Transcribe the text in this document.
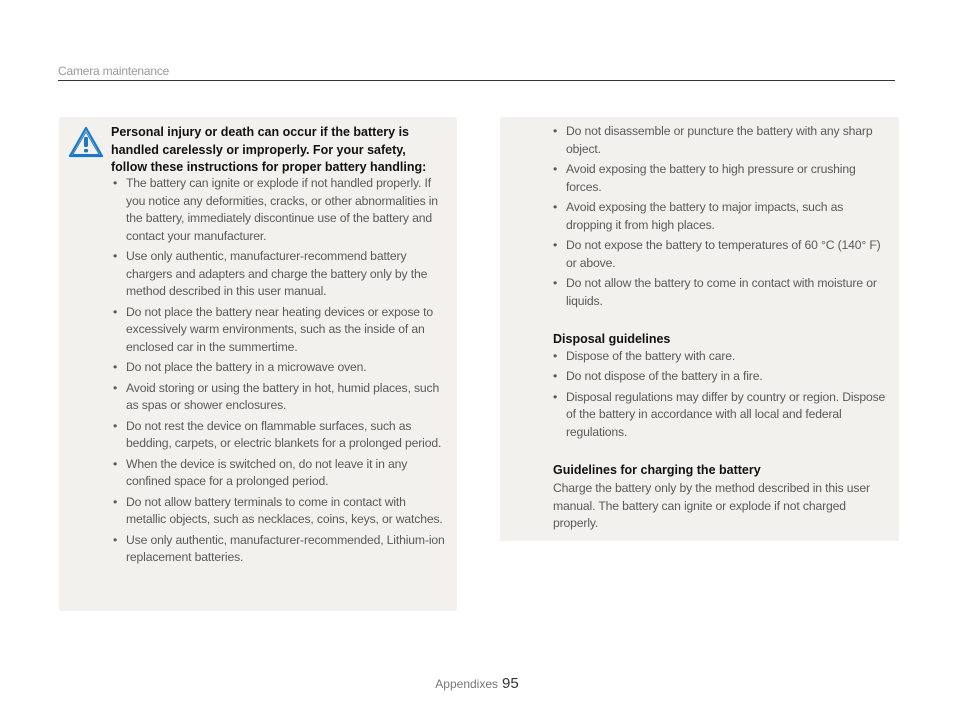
Camera maintenance

Personal injury or death can occur if the battery is handled carelessly or improperly. For your safety, follow these instructions for proper battery handling:

• The battery can ignite or explode if not handled properly. If you notice any deformities, cracks, or other abnormalities in the battery, immediately discontinue use of the battery and contact your manufacturer.
• Use only authentic, manufacturer-recommend battery chargers and adapters and charge the battery only by the method described in this user manual.
• Do not place the battery near heating devices or expose to excessively warm environments, such as the inside of an enclosed car in the summertime.
• Do not place the battery in a microwave oven.
• Avoid storing or using the battery in hot, humid places, such as spas or shower enclosures.
• Do not rest the device on flammable surfaces, such as bedding, carpets, or electric blankets for a prolonged period.
• When the device is switched on, do not leave it in any confined space for a prolonged period.
• Do not allow battery terminals to come in contact with metallic objects, such as necklaces, coins, keys, or watches.
• Use only authentic, manufacturer-recommended, Lithium-ion replacement batteries.
• Do not disassemble or puncture the battery with any sharp object.
• Avoid exposing the battery to high pressure or crushing forces.
• Avoid exposing the battery to major impacts, such as dropping it from high places.
• Do not expose the battery to temperatures of 60 °C (140° F) or above.
• Do not allow the battery to come in contact with moisture or liquids.

Disposal guidelines

• Dispose of the battery with care.
• Do not dispose of the battery in a fire.
• Disposal regulations may differ by country or region. Dispose of the battery in accordance with all local and federal regulations.

Guidelines for charging the battery

Charge the battery only by the method described in this user manual. The battery can ignite or explode if not charged properly.

Appendixes 95
